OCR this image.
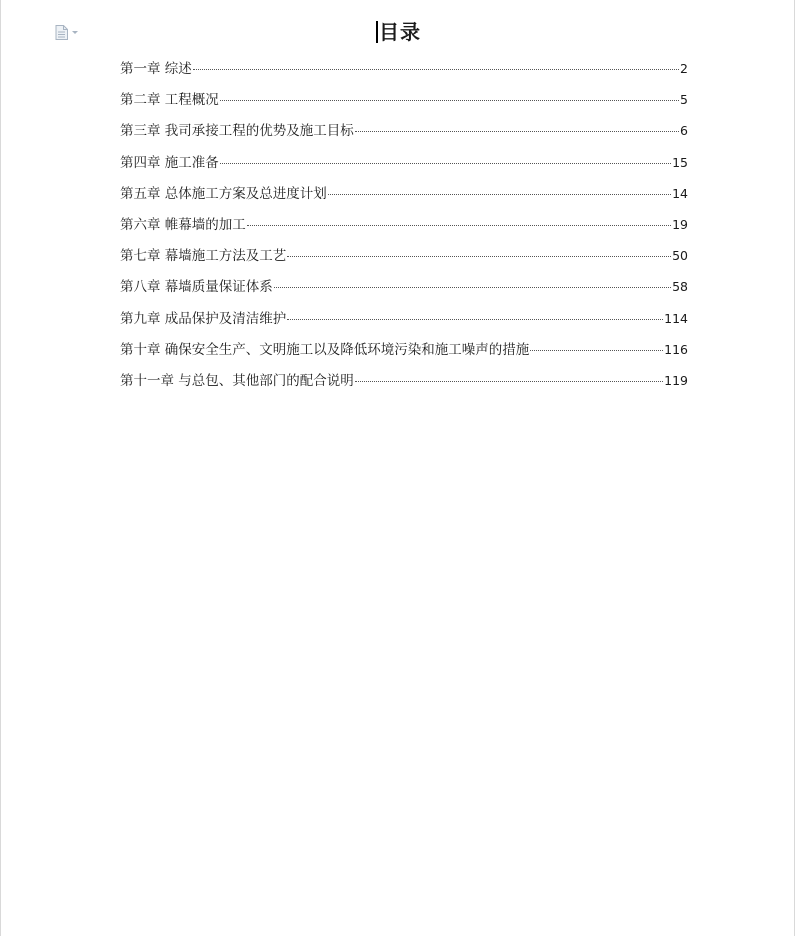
目录
第一章 综述	2
第二章 工程概况	5
第三章 我司承接工程的优势及施工目标	6
第四章 施工准备	15
第五章 总体施工方案及总进度计划	14
第六章 帷幕墙的加工	19
第七章 幕墙施工方法及工艺	50
第八章 幕墙质量保证体系	58
第九章 成品保护及清洁维护	114
第十章 确保安全生产、文明施工以及降低环境污染和施工噪声的措施	116
第十一章 与总包、其他部门的配合说明	119
